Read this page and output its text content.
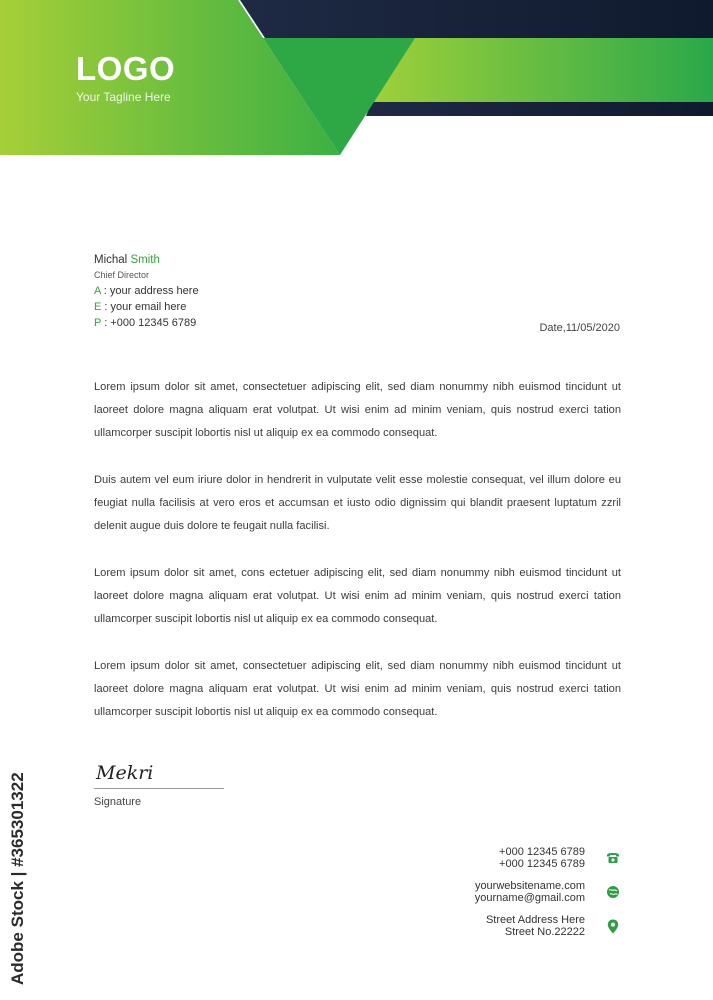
LOGO
Your Tagline Here
Michal Smith
Chief Director
A : your address here
E : your email here
P : +000 12345 6789	Date,11/05/2020

Lorem ipsum dolor sit amet, consectetuer adipiscing elit, sed diam nonummy nibh euismod tincidunt ut laoreet dolore magna aliquam erat volutpat. Ut wisi enim ad minim veniam, quis nostrud exerci tation ullamcorper suscipit lobortis nisl ut aliquip ex ea commodo consequat.

Duis autem vel eum iriure dolor in hendrerit in vulputate velit esse molestie consequat, vel illum dolore eu feugiat nulla facilisis at vero eros et accumsan et iusto odio dignissim qui blandit praesent luptatum zzril delenit augue duis dolore te feugait nulla facilisi.

Lorem ipsum dolor sit amet, cons ectetuer adipiscing elit, sed diam nonummy nibh euismod tincidunt ut laoreet dolore magna aliquam erat volutpat. Ut wisi enim ad minim veniam, quis nostrud exerci tation ullamcorper suscipit lobortis nisl ut aliquip ex ea commodo consequat.

Lorem ipsum dolor sit amet, consectetuer adipiscing elit, sed diam nonummy nibh euismod tincidunt ut laoreet dolore magna aliquam erat volutpat. Ut wisi enim ad minim veniam, quis nostrud exerci tation ullamcorper suscipit lobortis nisl ut aliquip ex ea commodo consequat.

Mekri
Signature
+000 12345 6789
+000 12345 6789
yourwebsitename.com
yourname@gmail.com
Street Address Here
Street No.22222
Adobe Stock | #365301322
